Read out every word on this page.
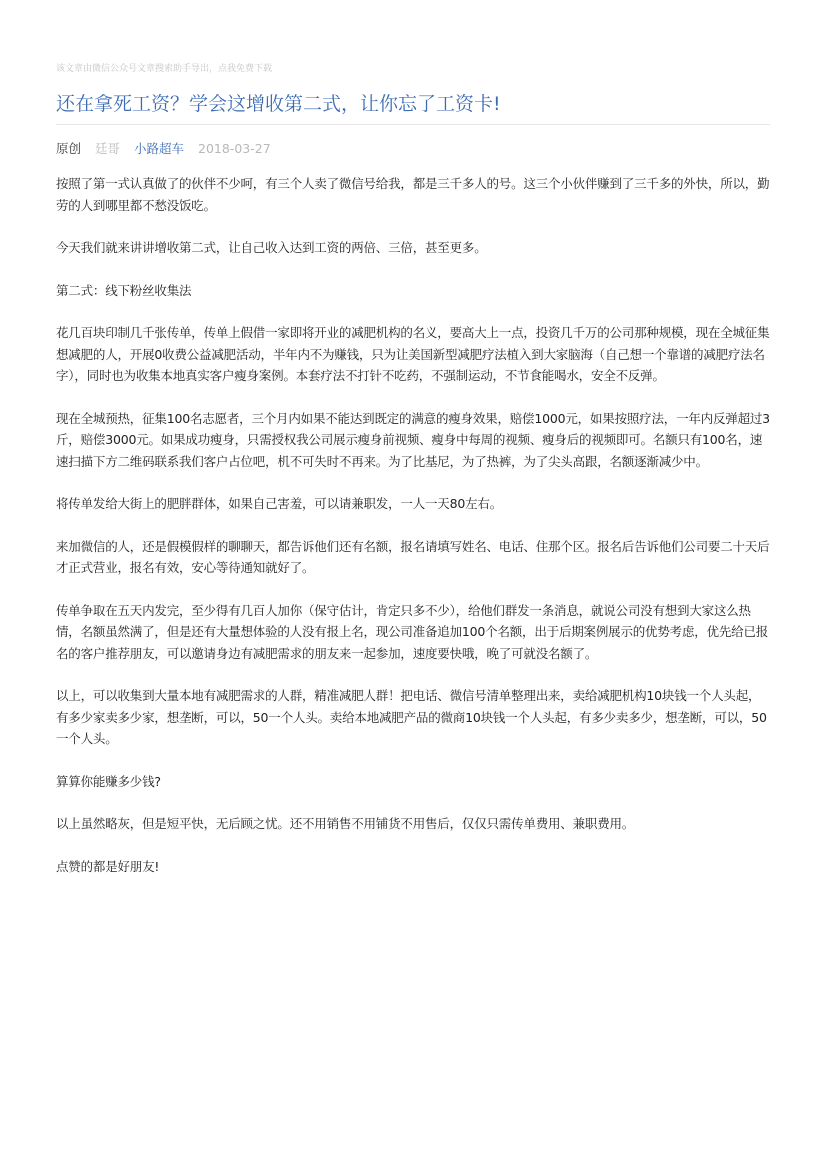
该文章由微信公众号文章搜索助手导出，点我免费下载
还在拿死工资？学会这增收第二式，让你忘了工资卡!
原创 廷哥 小路超车 2018-03-27

按照了第一式认真做了的伙伴不少呵，有三个人卖了微信号给我，都是三千多人的号。这三个小伙伴赚到了三千多的外快，所以，勤劳的人到哪里都不愁没饭吃。

今天我们就来讲讲增收第二式，让自己收入达到工资的两倍、三倍，甚至更多。

第二式：线下粉丝收集法

花几百块印制几千张传单，传单上假借一家即将开业的减肥机构的名义，要高大上一点，投资几千万的公司那种规模，现在全城征集想减肥的人，开展0收费公益减肥活动，半年内不为赚钱，只为让美国新型减肥疗法植入到大家脑海（自己想一个靠谱的减肥疗法名字），同时也为收集本地真实客户瘦身案例。本套疗法不打针不吃药，不强制运动，不节食能喝水，安全不反弹。

现在全城预热，征集100名志愿者，三个月内如果不能达到既定的满意的瘦身效果，赔偿1000元，如果按照疗法，一年内反弹超过3斤，赔偿3000元。如果成功瘦身，只需授权我公司展示瘦身前视频、瘦身中每周的视频、瘦身后的视频即可。名额只有100名，速速扫描下方二维码联系我们客户占位吧，机不可失时不再来。为了比基尼，为了热裤，为了尖头高跟，名额逐渐减少中。

将传单发给大街上的肥胖群体，如果自己害羞，可以请兼职发，一人一天80左右。

来加微信的人，还是假模假样的聊聊天，都告诉他们还有名额，报名请填写姓名、电话、住那个区。报名后告诉他们公司要二十天后才正式营业，报名有效，安心等待通知就好了。

传单争取在五天内发完，至少得有几百人加你（保守估计，肯定只多不少），给他们群发一条消息，就说公司没有想到大家这么热情，名额虽然满了，但是还有大量想体验的人没有报上名，现公司准备追加100个名额，出于后期案例展示的优势考虑，优先给已报名的客户推荐朋友，可以邀请身边有减肥需求的朋友来一起参加，速度要快哦，晚了可就没名额了。

以上，可以收集到大量本地有减肥需求的人群，精准减肥人群！把电话、微信号清单整理出来，卖给减肥机构10块钱一个人头起，有多少家卖多少家，想垄断，可以，50一个人头。卖给本地减肥产品的微商10块钱一个人头起，有多少卖多少，想垄断，可以，50一个人头。

算算你能赚多少钱?

以上虽然略灰，但是短平快，无后顾之忧。还不用销售不用铺货不用售后，仅仅只需传单费用、兼职费用。

点赞的都是好朋友!
